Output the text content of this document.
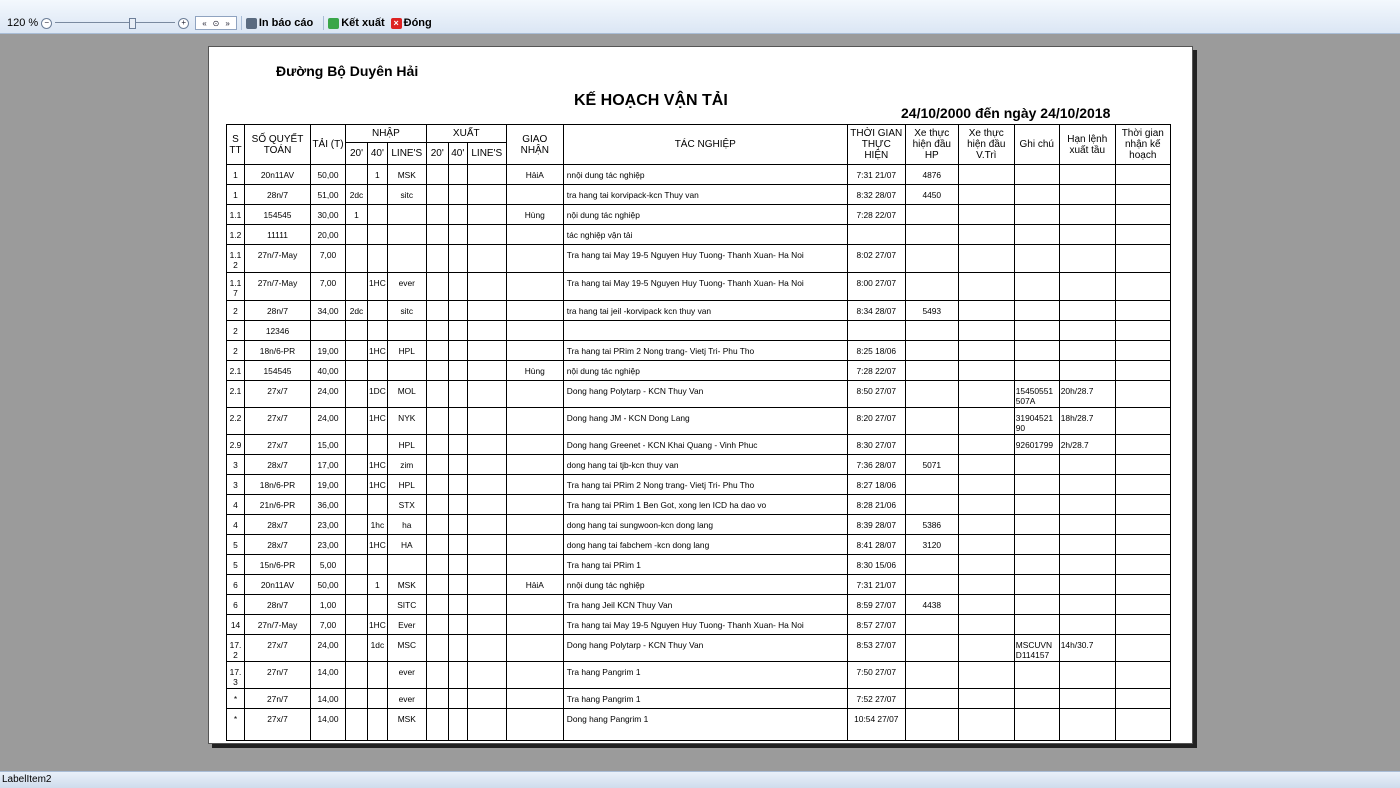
120 % −	+	« ⊙ »	In báo cáo	Kết xuất × Đóng
Đường Bộ Duyên Hải
KẾ HOẠCH VẬN TẢI
24/10/2000 đến ngày 24/10/2018
S TT	SỐ QUYẾT TOÁN	TẢI (T)	NHẬP			XUẤT			GIAO NHẬN	TÁC NGHIỆP	THỜI GIAN THỰC HIỆN	Xe thực hiện đầu HP	Xe thực hiện đầu V.Trì	Ghi chú	Hạn lệnh xuất tầu	Thời gian nhận kế hoạch
			20'	40'	LINE'S	20'	40'	LINE'S								
1	20n11AV	50,00		1	MSK				HảiA	nnội dung tác nghiệp	7:31 21/07	4876				
1	28n/7	51,00	2dc		sitc					tra hang tai korvipack-kcn Thuy van	8:32 28/07	4450				
1.1	154545	30,00	1						Hùng	nội dung tác nghiệp	7:28 22/07					
1.2	11111	20,00								tác nghiệp vận tải						
1.1 2	27n/7-May	7,00								Tra hang tai May 19-5 Nguyen Huy Tuong- Thanh Xuan- Ha Noi	8:02 27/07					
1.1 7	27n/7-May	7,00		1HC	ever					Tra hang tai May 19-5 Nguyen Huy Tuong- Thanh Xuan- Ha Noi	8:00 27/07					
2	28n/7	34,00	2dc		sitc					tra hang tai jeil -korvipack kcn thuy van	8:34 28/07	5493				
2	12346															
2	18n/6-PR	19,00		1HC	HPL					Tra hang tai PRim 2 Nong trang- Vietj Tri- Phu Tho	8:25 18/06					
2.1	154545	40,00							Hùng	nội dung tác nghiệp	7:28 22/07					
2.1	27x/7	24,00		1DC	MOL					Dong hang Polytarp - KCN Thuy Van	8:50 27/07			15450551 507A	20h/28.7	
2.2	27x/7	24,00		1HC	NYK					Dong hang JM - KCN Dong Lang	8:20 27/07			31904521 90	18h/28.7	
2.9	27x/7	15,00			HPL					Dong hang Greenet - KCN Khai Quang - Vinh Phuc	8:30 27/07			92601799	2h/28.7	
3	28x/7	17,00		1HC	zim					dong hang tai tjb-kcn thuy van	7:36 28/07	5071				
3	18n/6-PR	19,00		1HC	HPL					Tra hang tai PRim 2 Nong trang- Vietj Tri- Phu Tho	8:27 18/06					
4	21n/6-PR	36,00			STX					Tra hang tai PRim 1 Ben Got, xong len ICD ha dao vo	8:28 21/06					
4	28x/7	23,00		1hc	ha					dong hang tai sungwoon-kcn dong lang	8:39 28/07	5386				
5	28x/7	23,00		1HC	HA					dong hang tai fabchem -kcn dong lang	8:41 28/07	3120				
5	15n/6-PR	5,00								Tra hang tai PRim 1	8:30 15/06					
6	20n11AV	50,00		1	MSK				HảiA	nnội dung tác nghiệp	7:31 21/07					
6	28n/7	1,00			SITC					Tra hang Jeil KCN Thuy Van	8:59 27/07	4438				
14	27n/7-May	7,00		1HC	Ever					Tra hang tai May 19-5 Nguyen Huy Tuong- Thanh Xuan- Ha Noi	8:57 27/07					
17. 2	27x/7	24,00		1dc	MSC					Dong hang Polytarp - KCN Thuy Van	8:53 27/07			MSCUVN D114157	14h/30.7	
17. 3	27n/7	14,00			ever					Tra hang Pangrim 1	7:50 27/07					
*	27n/7	14,00			ever					Tra hang Pangrim 1	7:52 27/07					
*	27x/7	14,00			MSK					Dong hang Pangrim 1	10:54 27/07					
LabelItem2
